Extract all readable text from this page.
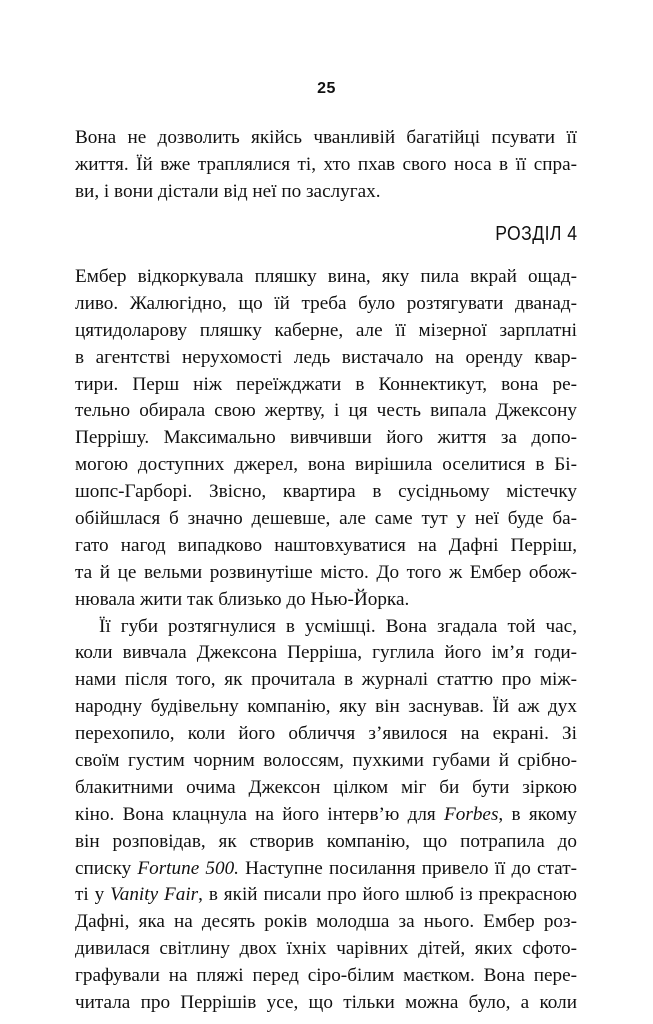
25
Вона не дозволить якійсь чванливій багатійці псувати її
життя. Їй вже траплялися ті, хто пхав свого носа в її спра-
ви, і вони дістали від неї по заслугах.
РОЗДІЛ 4
Ембер відкоркувала пляшку вина, яку пила вкрай ощад-
ливо. Жалюгідно, що їй треба було розтягувати дванад-
цятидоларову пляшку каберне, але її мізерної зарплатні
в агентстві нерухомості ледь вистачало на оренду квар-
тири. Перш ніж переїжджати в Коннектикут, вона ре-
тельно обирала свою жертву, і ця честь випала Джексону
Перрішу. Максимально вивчивши його життя за допо-
могою доступних джерел, вона вирішила оселитися в Бі-
шопс-Гарборі. Звісно, квартира в сусідньому містечку
обійшлася б значно дешевше, але саме тут у неї буде ба-
гато нагод випадково наштовхуватися на Дафні Перріш,
та й це вельми розвинутіше місто. До того ж Ембер обож-
нювала жити так близько до Нью-Йорка.
Її губи розтягнулися в усмішці. Вона згадала той час,
коли вивчала Джексона Перріша, гуглила його ім’я годи-
нами після того, як прочитала в журналі статтю про між-
народну будівельну компанію, яку він заснував. Їй аж дух
перехопило, коли його обличчя з’явилося на екрані. Зі
своїм густим чорним волоссям, пухкими губами й срібно-
блакитними очима Джексон цілком міг би бути зіркою
кіно. Вона клацнула на його інтерв’ю для Forbes, в якому
він розповідав, як створив компанію, що потрапила до
списку Fortune 500. Наступне посилання привело її до стат-
ті у Vanity Fair, в якій писали про його шлюб із прекрасною
Дафні, яка на десять років молодша за нього. Ембер роз-
дивилася світлину двох їхніх чарівних дітей, яких сфото-
графували на пляжі перед сіро-білим маєтком. Вона пере-
читала про Перрішів усе, що тільки можна було, а коли
